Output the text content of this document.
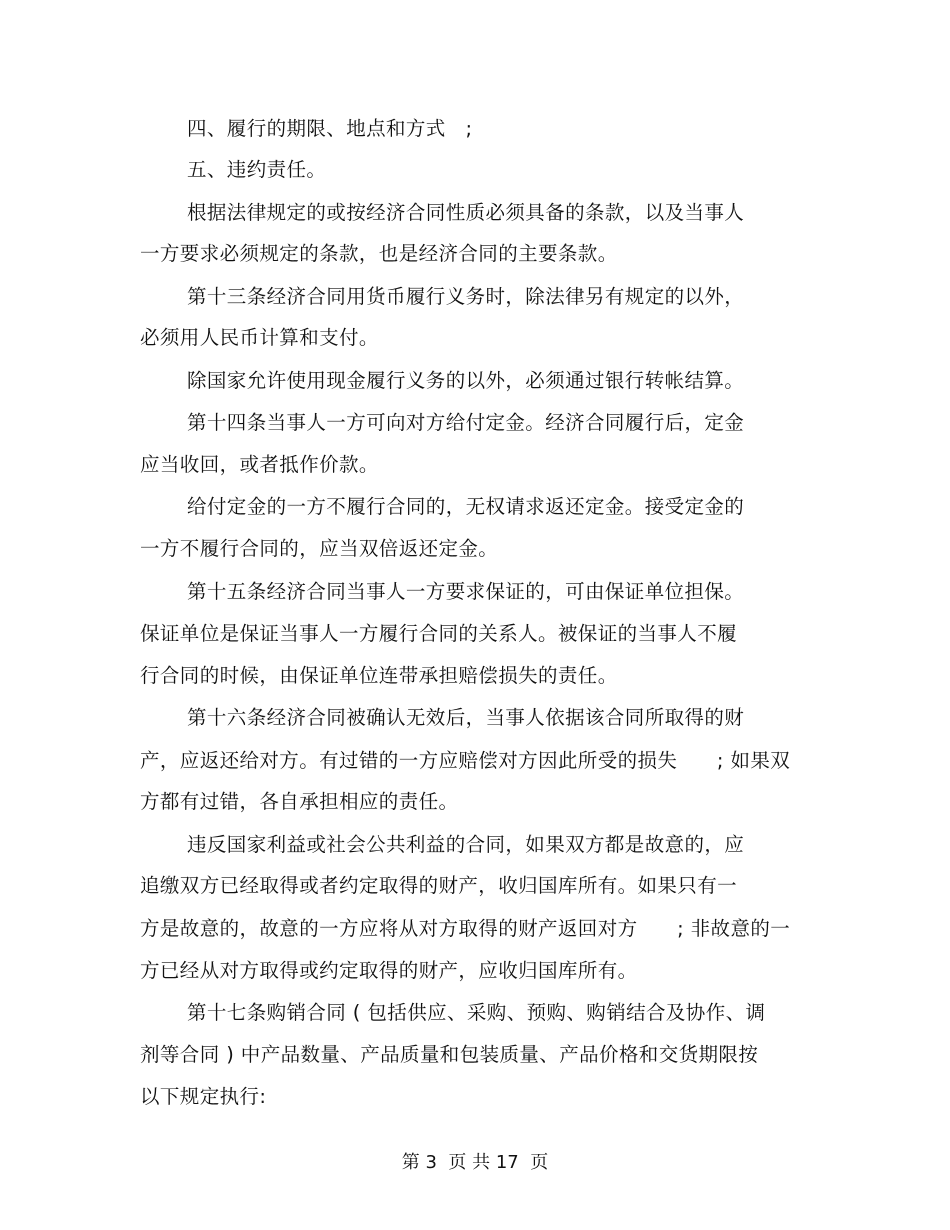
四、履行的期限、地点和方式   ;
五、违约责任。
根据法律规定的或按经济合同性质必须具备的条款，以及当事人
一方要求必须规定的条款，也是经济合同的主要条款。
第十三条经济合同用货币履行义务时，除法律另有规定的以外，
必须用人民币计算和支付。
除国家允许使用现金履行义务的以外，必须通过银行转帐结算。
第十四条当事人一方可向对方给付定金。经济合同履行后，定金
应当收回，或者抵作价款。
给付定金的一方不履行合同的，无权请求返还定金。接受定金的
一方不履行合同的，应当双倍返还定金。
第十五条经济合同当事人一方要求保证的，可由保证单位担保。
保证单位是保证当事人一方履行合同的关系人。被保证的当事人不履
行合同的时候，由保证单位连带承担赔偿损失的责任。
第十六条经济合同被确认无效后，当事人依据该合同所取得的财
产，应返还给对方。有过错的一方应赔偿对方因此所受的损失      ; 如果双
方都有过错，各自承担相应的责任。
违反国家利益或社会公共利益的合同，如果双方都是故意的，应
追缴双方已经取得或者约定取得的财产，收归国库所有。如果只有一
方是故意的，故意的一方应将从对方取得的财产返回对方      ; 非故意的一
方已经从对方取得或约定取得的财产，应收归国库所有。
第十七条购销合同 ( 包括供应、采购、预购、购销结合及协作、调
剂等合同 ) 中产品数量、产品质量和包装质量、产品价格和交货期限按
以下规定执行:
第 3  页 共 17  页
